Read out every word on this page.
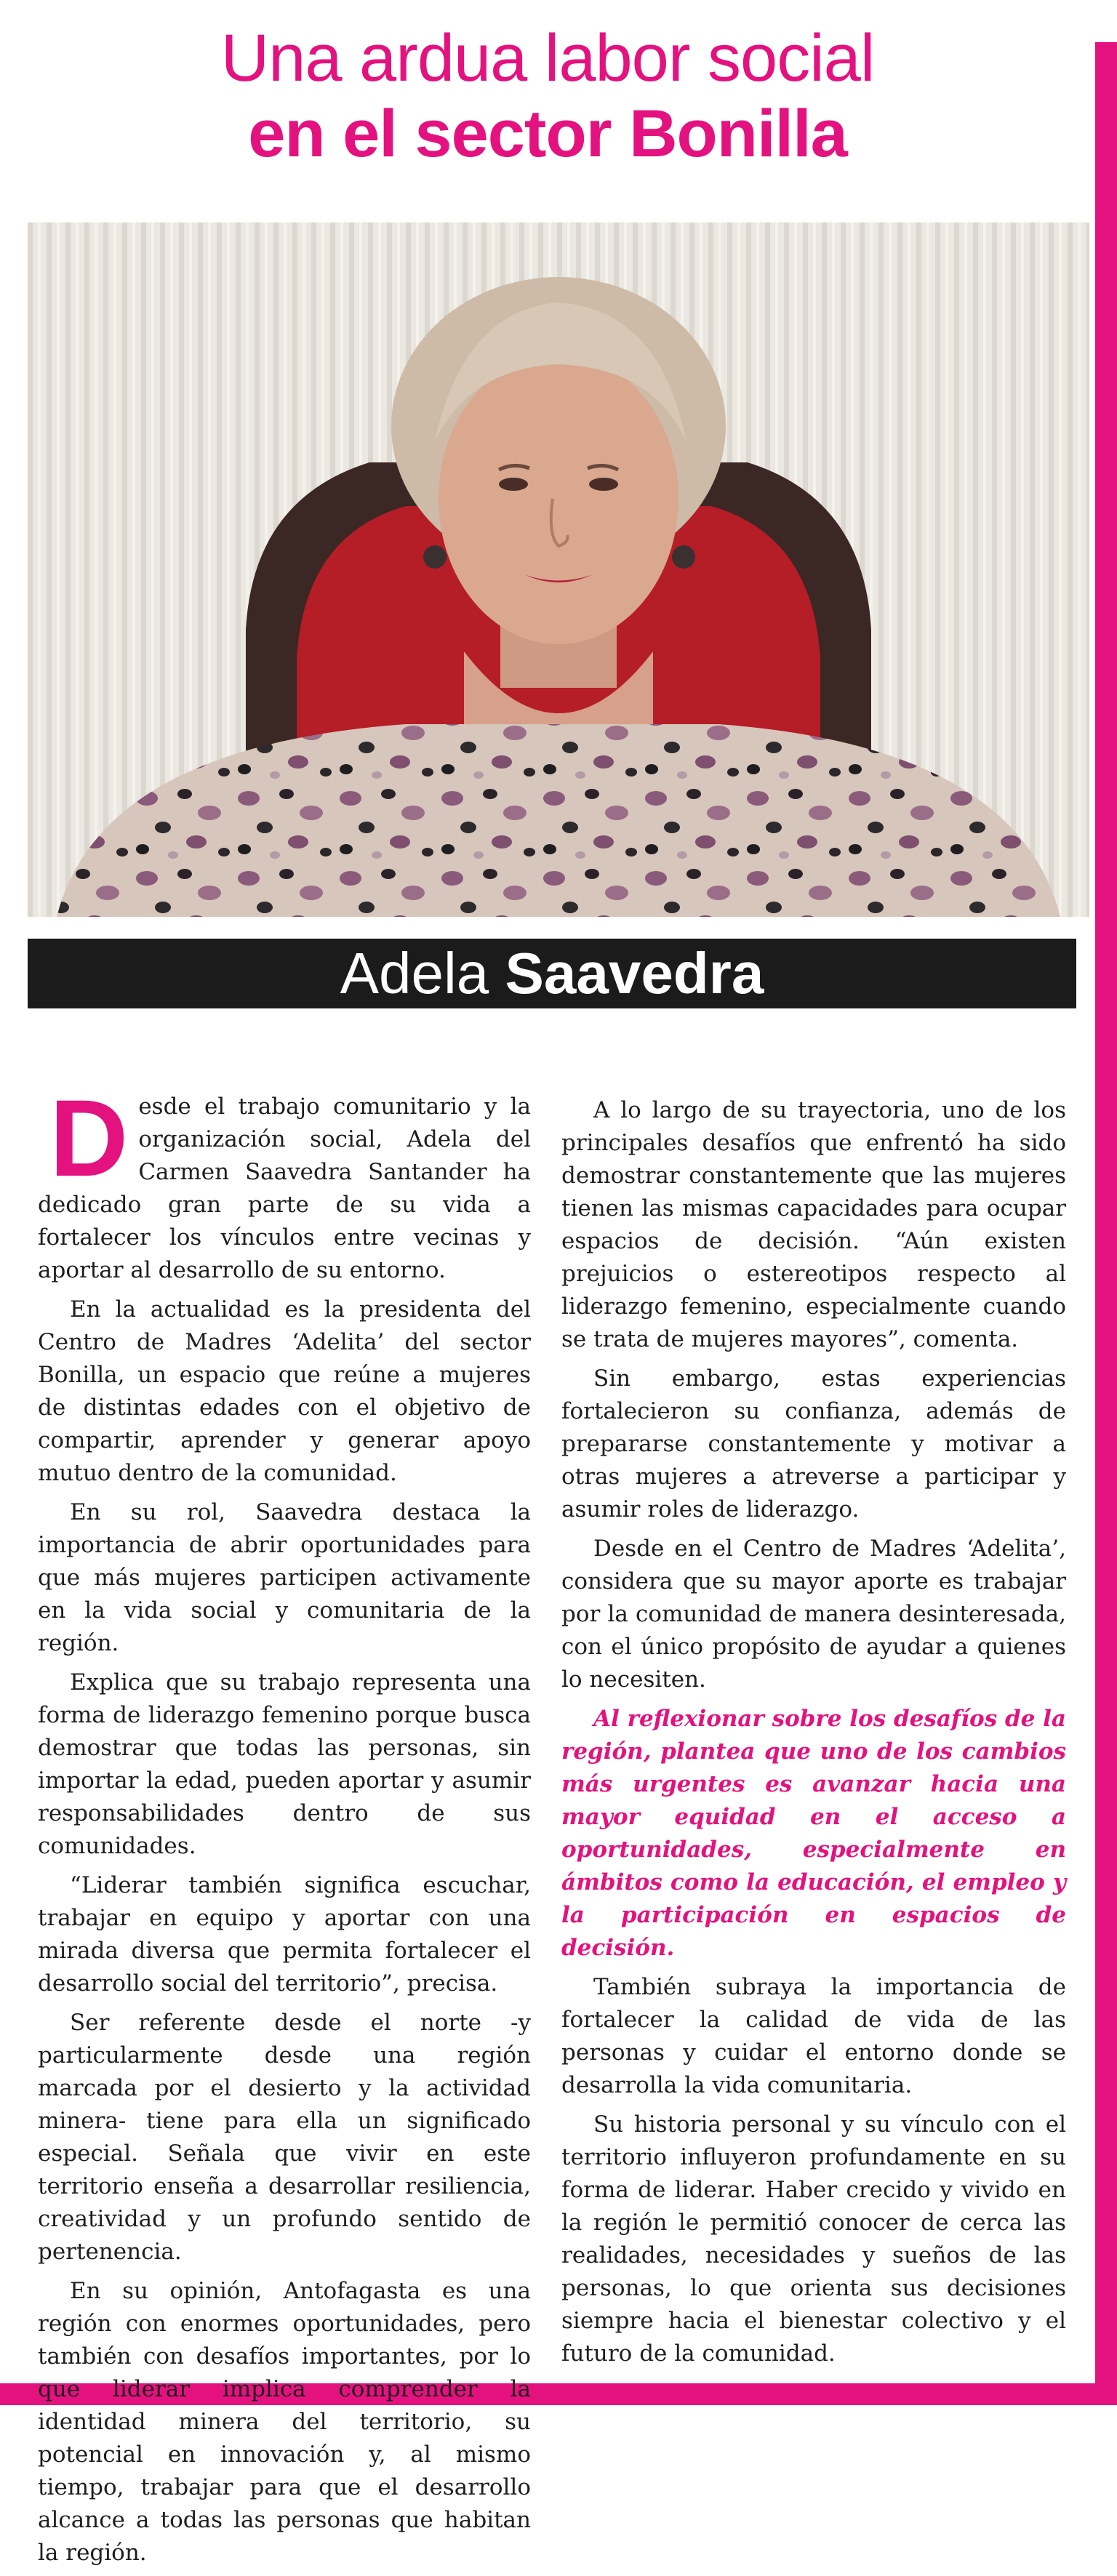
Una ardua labor social
en el sector Bonilla
Adela Saavedra

Desde el trabajo comunitario y la organización social, Adela del Carmen Saavedra Santander ha dedicado gran parte de su vida a fortalecer los vínculos entre vecinas y aportar al desarrollo de su entorno.

En la actualidad es la presidenta del Centro de Madres ‘Adelita’ del sector Bonilla, un espacio que reúne a mujeres de distintas edades con el objetivo de compartir, aprender y generar apoyo mutuo dentro de la comunidad.

En su rol, Saavedra destaca la importancia de abrir oportunidades para que más mujeres participen activamente en la vida social y comunitaria de la región.

Explica que su trabajo representa una forma de liderazgo femenino porque busca demostrar que todas las personas, sin importar la edad, pueden aportar y asumir responsabilidades dentro de sus comunidades.

“Liderar también significa escuchar, trabajar en equipo y aportar con una mirada diversa que permita fortalecer el desarrollo social del territorio”, precisa.

Ser referente desde el norte -y particularmente desde una región marcada por el desierto y la actividad minera- tiene para ella un significado especial. Señala que vivir en este territorio enseña a desarrollar resiliencia, creatividad y un profundo sentido de pertenencia.

En su opinión, Antofagasta es una región con enormes oportunidades, pero también con desafíos importantes, por lo que liderar implica comprender la identidad minera del territorio, su potencial en innovación y, al mismo tiempo, trabajar para que el desarrollo alcance a todas las personas que habitan la región.

A lo largo de su trayectoria, uno de los principales desafíos que enfrentó ha sido demostrar constantemente que las mujeres tienen las mismas capacidades para ocupar espacios de decisión. “Aún existen prejuicios o estereotipos respecto al liderazgo femenino, especialmente cuando se trata de mujeres mayores”, comenta.

Sin embargo, estas experiencias fortalecieron su confianza, además de prepararse constantemente y motivar a otras mujeres a atreverse a participar y asumir roles de liderazgo.

Desde en el Centro de Madres ‘Adelita’, considera que su mayor aporte es trabajar por la comunidad de manera desinteresada, con el único propósito de ayudar a quienes lo necesiten.

Al reflexionar sobre los desafíos de la región, plantea que uno de los cambios más urgentes es avanzar hacia una mayor equidad en el acceso a oportunidades, especialmente en ámbitos como la educación, el empleo y la participación en espacios de decisión.

También subraya la importancia de fortalecer la calidad de vida de las personas y cuidar el entorno donde se desarrolla la vida comunitaria.

Su historia personal y su vínculo con el territorio influyeron profundamente en su forma de liderar. Haber crecido y vivido en la región le permitió conocer de cerca las realidades, necesidades y sueños de las personas, lo que orienta sus decisiones siempre hacia el bienestar colectivo y el futuro de la comunidad.
